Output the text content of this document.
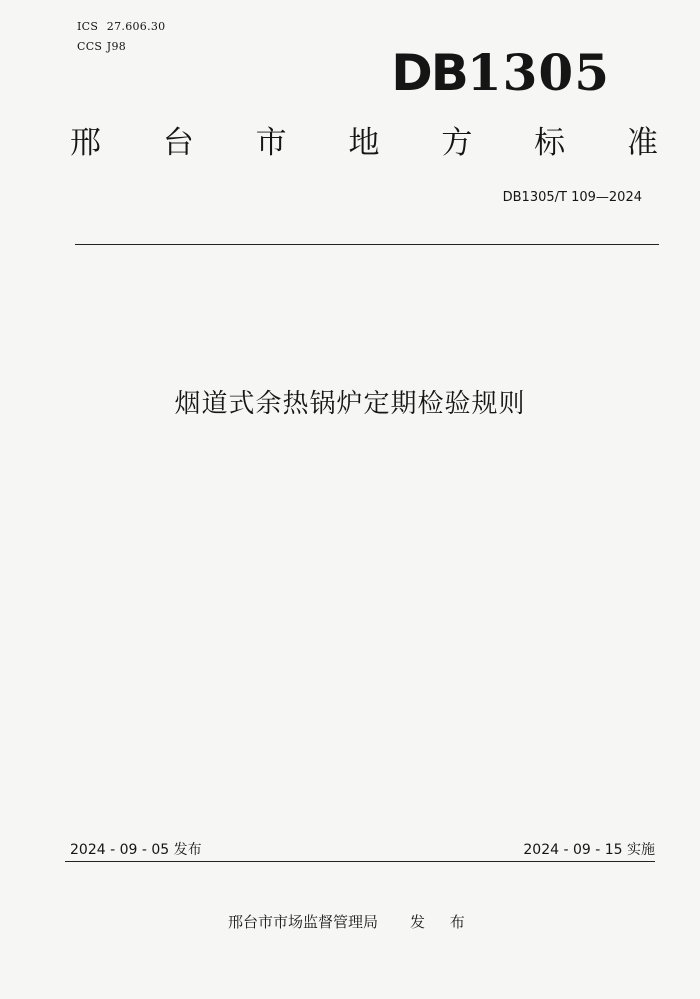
ICS 27.606.30
CCS J98	DB1305
邢 台 市 地 方 标 准
DB1305/T 109—2024
烟道式余热锅炉定期检验规则
2024 - 09 - 05 发布	2024 - 09 - 15 实施
邢台市市场监督管理局 发 布
